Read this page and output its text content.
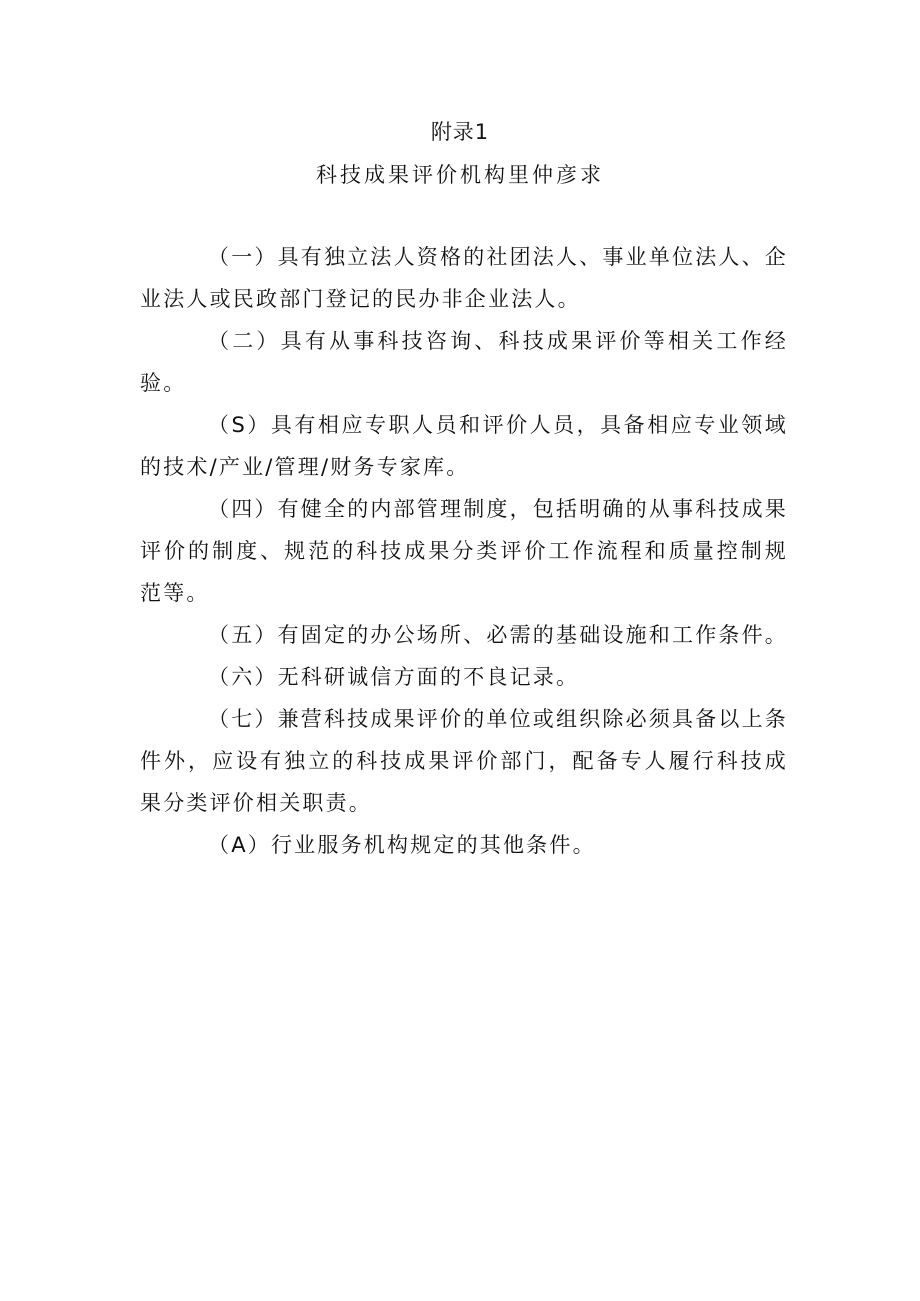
附录1
科技成果评价机构里仲彦求

（一）具有独立法人资格的社团法人、事业单位法人、企业法人或民政部门登记的民办非企业法人。

（二）具有从事科技咨询、科技成果评价等相关工作经验。

（S）具有相应专职人员和评价人员，具备相应专业领域的技术/产业/管理/财务专家库。

（四）有健全的内部管理制度，包括明确的从事科技成果评价的制度、规范的科技成果分类评价工作流程和质量控制规范等。

（五）有固定的办公场所、必需的基础设施和工作条件。

（六）无科研诚信方面的不良记录。

（七）兼营科技成果评价的单位或组织除必须具备以上条件外，应设有独立的科技成果评价部门，配备专人履行科技成果分类评价相关职责。

（A）行业服务机构规定的其他条件。
